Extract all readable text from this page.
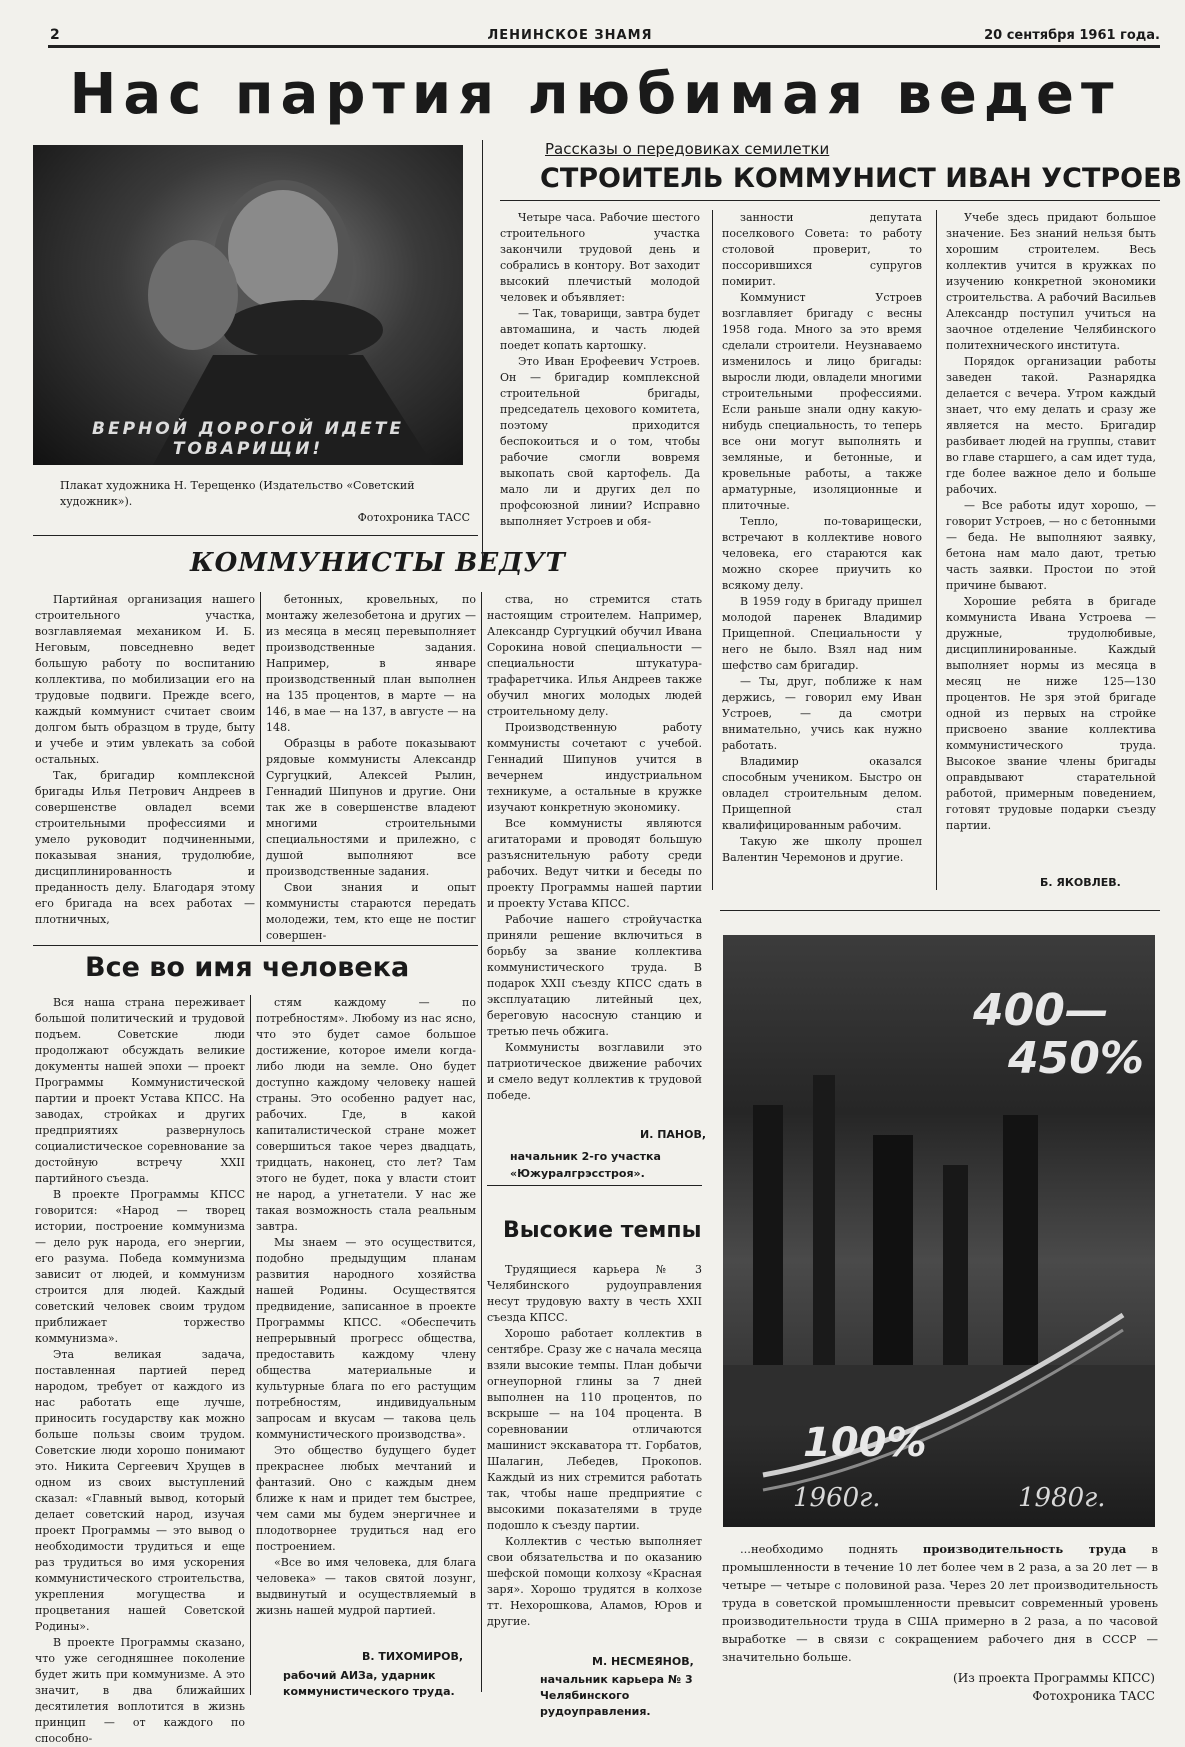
2	ЛЕНИНСКОЕ ЗНАМЯ	20 сентября 1961 года.
Нас партия любимая ведет
ВЕРНОЙ ДОРОГОЙ ИДЕТЕ ТОВАРИЩИ!
Плакат художника Н. Терещенко (Издательство «Советский художник»).
Фотохроника ТАСС
Рассказы о передовиках семилетки
СТРОИТЕЛЬ КОММУНИСТ ИВАН УСТРОЕВ

Четыре часа. Рабочие шестого строительного участка закончили трудовой день и собрались в контору. Вот заходит высокий плечистый молодой человек и объявляет:

— Так, товарищи, завтра будет автомашина, и часть людей поедет копать картошку.

Это Иван Ерофеевич Устроев. Он — бригадир комплексной строительной бригады, председатель цехового комитета, поэтому приходится беспокоиться и о том, чтобы рабочие смогли вовремя выкопать свой картофель. Да мало ли и других дел по профсоюзной линии? Исправно выполняет Устроев и обя-

занности депутата поселкового Совета: то работу столовой проверит, то поссорившихся супругов помирит.

Коммунист Устроев возглавляет бригаду с весны 1958 года. Много за это время сделали строители. Неузнаваемо изменилось и лицо бригады: выросли люди, овладели многими строительными профессиями. Если раньше знали одну какую-нибудь специальность, то теперь все они могут выполнять и земляные, и бетонные, и кровельные работы, а также арматурные, изоляционные и плиточные.

Тепло, по-товарищески, встречают в коллективе нового человека, его стараются как можно скорее приучить ко всякому делу.

В 1959 году в бригаду пришел молодой паренек Владимир Прищепной. Специальности у него не было. Взял над ним шефство сам бригадир.

— Ты, друг, поближе к нам держись, — говорил ему Иван Устроев, — да смотри внимательно, учись как нужно работать.

Владимир оказался способным учеником. Быстро он овладел строительным делом. Прищепной стал квалифицированным рабочим.

Такую же школу прошел Валентин Черемонов и другие.

Учебе здесь придают большое значение. Без знаний нельзя быть хорошим строителем. Весь коллектив учится в кружках по изучению конкретной экономики строительства. А рабочий Васильев Александр поступил учиться на заочное отделение Челябинского политехнического института.

Порядок организации работы заведен такой. Разнарядка делается с вечера. Утром каждый знает, что ему делать и сразу же является на место. Бригадир разбивает людей на группы, ставит во главе старшего, а сам идет туда, где более важное дело и больше рабочих.

— Все работы идут хорошо, — говорит Устроев, — но с бетонными — беда. Не выполняют заявку, бетона нам мало дают, третью часть заявки. Простои по этой причине бывают.

Хорошие ребята в бригаде коммуниста Ивана Устроева — дружные, трудолюбивые, дисциплинированные. Каждый выполняет нормы из месяца в месяц не ниже 125—130 процентов. Не зря этой бригаде одной из первых на стройке присвоено звание коллектива коммунистического труда. Высокое звание члены бригады оправдывают старательной работой, примерным поведением, готовят трудовые подарки съезду партии.

Б. ЯКОВЛЕВ.
КОММУНИСТЫ ВЕДУТ

Партийная организация нашего строительного участка, возглавляемая механиком И. Б. Неговым, повседневно ведет большую работу по воспитанию коллектива, по мобилизации его на трудовые подвиги. Прежде всего, каждый коммунист считает своим долгом быть образцом в труде, быту и учебе и этим увлекать за собой остальных.

Так, бригадир комплексной бригады Илья Петрович Андреев в совершенстве овладел всеми строительными профессиями и умело руководит подчиненными, показывая знания, трудолюбие, дисциплинированность и преданность делу. Благодаря этому его бригада на всех работах — плотничных,

бетонных, кровельных, по монтажу железобетона и других — из месяца в месяц перевыполняет производственные задания. Например, в январе производственный план выполнен на 135 процентов, в марте — на 146, в мае — на 137, в августе — на 148.

Образцы в работе показывают рядовые коммунисты Александр Сургуцкий, Алексей Рылин, Геннадий Шипунов и другие. Они так же в совершенстве владеют многими строительными специальностями и прилежно, с душой выполняют все производственные задания.

Свои знания и опыт коммунисты стараются передать молодежи, тем, кто еще не постиг совершен-

ства, но стремится стать настоящим строителем. Например, Александр Сургуцкий обучил Ивана Сорокина новой специальности — специальности штукатура-трафаретчика. Илья Андреев также обучил многих молодых людей строительному делу.

Производственную работу коммунисты сочетают с учебой. Геннадий Шипунов учится в вечернем индустриальном техникуме, а остальные в кружке изучают конкретную экономику.

Все коммунисты являются агитаторами и проводят большую разъяснительную работу среди рабочих. Ведут читки и беседы по проекту Программы нашей партии и проекту Устава КПСС.

Рабочие нашего стройучастка приняли решение включиться в борьбу за звание коллектива коммунистического труда. В подарок XXII съезду КПСС сдать в эксплуатацию литейный цех, береговую насосную станцию и третью печь обжига.

Коммунисты возглавили это патриотическое движение рабочих и смело ведут коллектив к трудовой победе.

И. ПАНОВ,
начальник 2-го участка «Южуралгрэсстроя».
Все во имя человека

Вся наша страна переживает большой политический и трудовой подъем. Советские люди продолжают обсуждать великие документы нашей эпохи — проект Программы Коммунистической партии и проект Устава КПСС. На заводах, стройках и других предприятиях развернулось социалистическое соревнование за достойную встречу XXII партийного съезда.

В проекте Программы КПСС говорится: «Народ — творец истории, построение коммунизма — дело рук народа, его энергии, его разума. Победа коммунизма зависит от людей, и коммунизм строится для людей. Каждый советский человек своим трудом приближает торжество коммунизма».

Эта великая задача, поставленная партией перед народом, требует от каждого из нас работать еще лучше, приносить государству как можно больше пользы своим трудом. Советские люди хорошо понимают это. Никита Сергеевич Хрущев в одном из своих выступлений сказал: «Главный вывод, который делает советский народ, изучая проект Программы — это вывод о необходимости трудиться и еще раз трудиться во имя ускорения коммунистического строительства, укрепления могущества и процветания нашей Советской Родины».

В проекте Программы сказано, что уже сегодняшнее поколение будет жить при коммунизме. А это значит, в два ближайших десятилетия воплотится в жизнь принцип — от каждого по способно-

стям каждому — по потребностям». Любому из нас ясно, что это будет самое большое достижение, которое имели когда-либо люди на земле. Оно будет доступно каждому человеку нашей страны. Это особенно радует нас, рабочих. Где, в какой капиталистической стране может совершиться такое через двадцать, тридцать, наконец, сто лет? Там этого не будет, пока у власти стоит не народ, а угнетатели. У нас же такая возможность стала реальным завтра.

Мы знаем — это осуществится, подобно предыдущим планам развития народного хозяйства нашей Родины. Осуществятся предвидение, записанное в проекте Программы КПСС. «Обеспечить непрерывный прогресс общества, предоставить каждому члену общества материальные и культурные блага по его растущим потребностям, индивидуальным запросам и вкусам — такова цель коммунистического производства».

Это общество будущего будет прекраснее любых мечтаний и фантазий. Оно с каждым днем ближе к нам и придет тем быстрее, чем сами мы будем энергичнее и плодотворнее трудиться над его построением.

«Все во имя человека, для блага человека» — таков святой лозунг, выдвинутый и осуществляемый в жизнь нашей мудрой партией.

В. ТИХОМИРОВ,
рабочий АИЗа, ударник коммунистического труда.
Высокие темпы

Трудящиеся карьера № 3 Челябинского рудоуправления несут трудовую вахту в честь XXII съезда КПСС.

Хорошо работает коллектив в сентябре. Сразу же с начала месяца взяли высокие темпы. План добычи огнеупорной глины за 7 дней выполнен на 110 процентов, по вскрыше — на 104 процента. В соревновании отличаются машинист экскаватора тт. Горбатов, Шалагин, Лебедев, Прокопов. Каждый из них стремится работать так, чтобы наше предприятие с высокими показателями в труде подошло к съезду партии.

Коллектив с честью выполняет свои обязательства и по оказанию шефской помощи колхозу «Красная заря». Хорошо трудятся в колхозе тт. Нехорошкова, Аламов, Юров и другие.

М. НЕСМЕЯНОВ,
начальник карьера № 3 Челябинского рудоуправления.
400—
450%
100%
1960г.	1980г.

...необходимо поднять производительность труда в промышленности в течение 10 лет более чем в 2 раза, а за 20 лет — в четыре — четыре с половиной раза. Через 20 лет производительность труда в советской промышленности превысит современный уровень производительности труда в США примерно в 2 раза, а по часовой выработке — в связи с сокращением рабочего дня в СССР — значительно больше.

(Из проекта Программы КПСС)
Фотохроника ТАСС
